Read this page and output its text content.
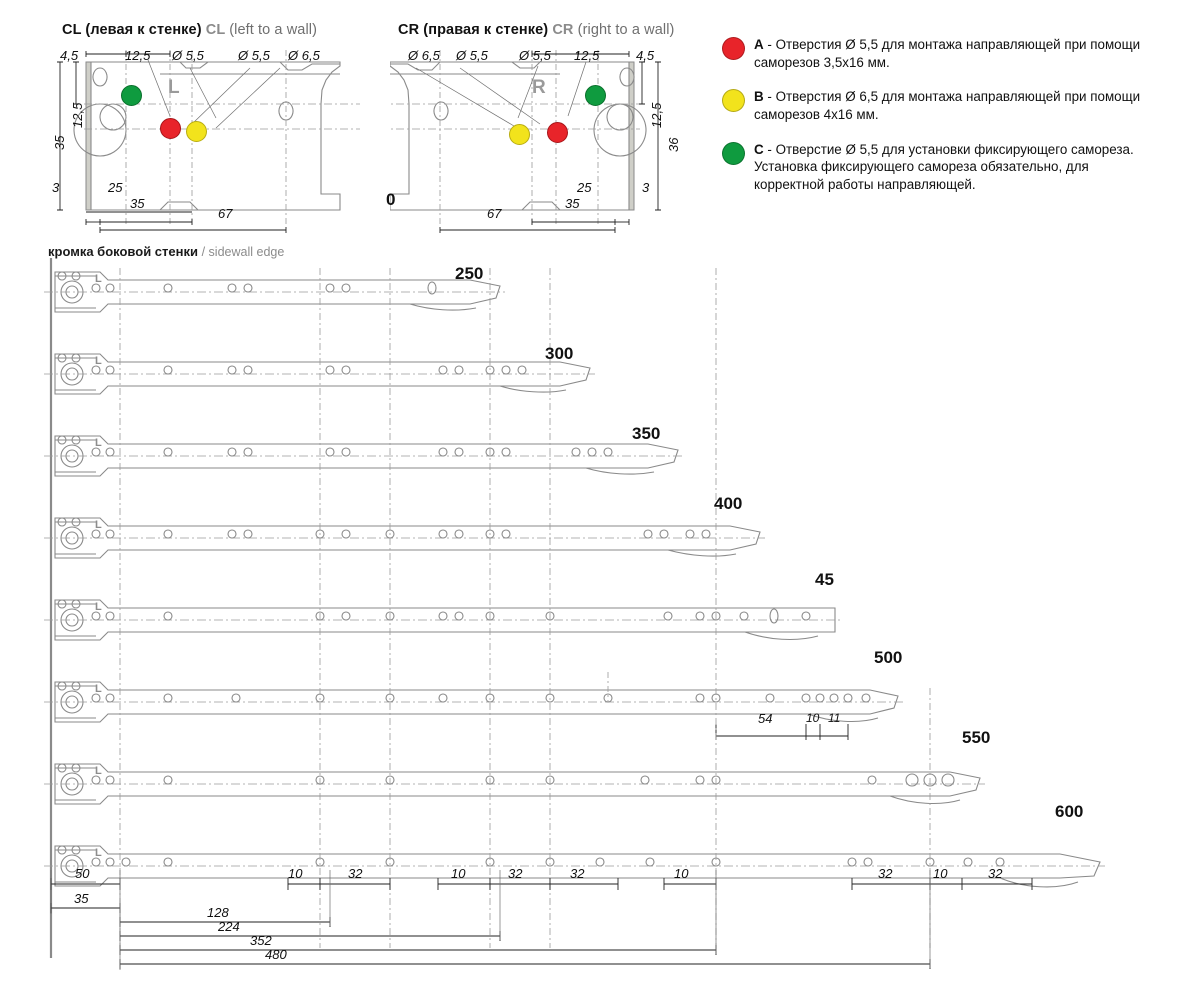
CL (левая к стенке) CL (left to a wall)	CR (правая к стенке) CR (right to a wall)
4,5	12,5 Ø 5,5	Ø 5,5 Ø 6,5
35
12,5
3	25
35
67
L
Ø 6,5 Ø 5,5 Ø 5,5 12,5	4,5
12,5
36
3
25
35
67
R
0
A - Отверстия Ø 5,5 для монтажа направляющей при помощи саморезов 3,5x16 мм.
B - Отверстия Ø 6,5 для монтажа направляющей при помощи саморезов 4x16 мм.
C - Отверстие Ø 5,5 для установки фиксирующего самореза. Установка фиксирующего самореза обязательно, для корректной работы направляющей.
кромка боковой стенки / sidewall edge
250
300
350
400
45
500
550
600
L
L
L
L
L
L
L
L
54	10 11
50	10	32	10	32	32	10	32	10	32
35
128
224
352
480
